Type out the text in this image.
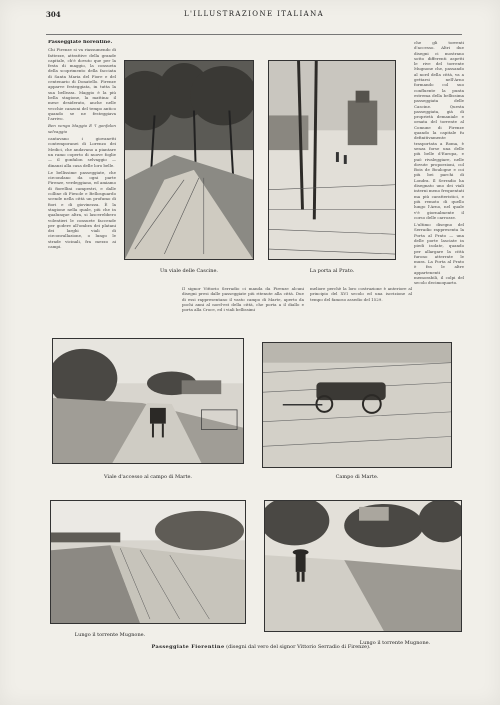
304	L'ILLUSTRAZIONE ITALIANA
Passeggiate fiorentine.

Chi Firenze si va riassumendo di fattezze, attrattive della grande capitale, ch'è dovuto que per la festa di maggio, la consueta della scoprimento della facciata di Santa Maria del Fiore e del centenario di Donatello. Firenze apparve festeggiata, in tutta la sua bellezza. Maggio è la più bella stagione, la mattina: il mese desiderato, anche nelle vecchie canzoni del tempo antico quando se ne festeggiava l'arrivo.

Ben venga Maggio E 'l gonfalon selvaggio

cantavano i giovanetti contemporanei di Lorenzo dei Medici, che andavano a piantare un ramo coperto di nuove foglie — il gonfalon selvaggio — dinanzi alla casa delle loro belle.

Le bellissime passeggiate, che circondano da ogni parte Firenze, verdeggiano, ed amiamo di fiorellini campestri, e dalle colline di Fiesole e Bellosguardo scende nella città un profumo di fiori e di giovinezza. È la stagione nella quale, più che in qualunque altra, si lascerebbero volentieri le consuete faccende per godere all'ombra dei platani dei larghi viali di circonvallazione, o lungo le strade vicinali, fra mezzo ai campi.

Il signor Vittorio Serradio ci manda da Firenze alcuni disegni presi dalle passeggiate più ritenute alla città. Due di essi rappresentano il vasto campo di Marte, aperto da pochi anni al nord-est della città, che porta a il diallo e porta alla Croce, ed i viali bellissimi

meliore perchè la loro costruzione è anteriore al principio del XVI secolo ed una iscrizione al tempo del famoso assedio del 1529.

che gli torrenti d'accesso. Altri due disegni ci mostrano sotto differenti aspetti le rive del torrente Mugnone che, passando al nord della città, va a gettarsi nell'Arno formando col suo confluente la punta estrema della bellissima passeggiata delle Cascine. Questa passeggiata, già di proprietà demaniale e ornata del torrente al Comune di Firenze quando la capitale fu definitivamente trasportata a Roma, è senza forse una delle più belle d'Europa, e può rivaleggiare, nelle dovute proporzioni, col Bois de Boulogne e coi più bei parchi di Londra. Il Serradio ha disegnato uno dei viali interni meno frequentati ma più caratteristici, e più remoto di quello lungo l'Arno, nel quale v'è giornalmente il corso delle carrozze.

L'ultimo disegno del Serradio rappresenta la Porta al Prato — una delle porte lasciate in piedi isolate, quando per allargare la città furono atterrate le mura. La Porta al Prato è fra le altre appartenenti memorabili, il colpi del secolo decimoquarto.

Un viale delle Cascine.	La porta al Prato.
Viale d'accesso al campo di Marte.	Campo di Marte.
Lungo il torrente Mugnone.
Lungo il torrente Mugnone.
Passeggiate Fiorentine (disegni dal vero del signor Vittorio Serradio di Firenze).
